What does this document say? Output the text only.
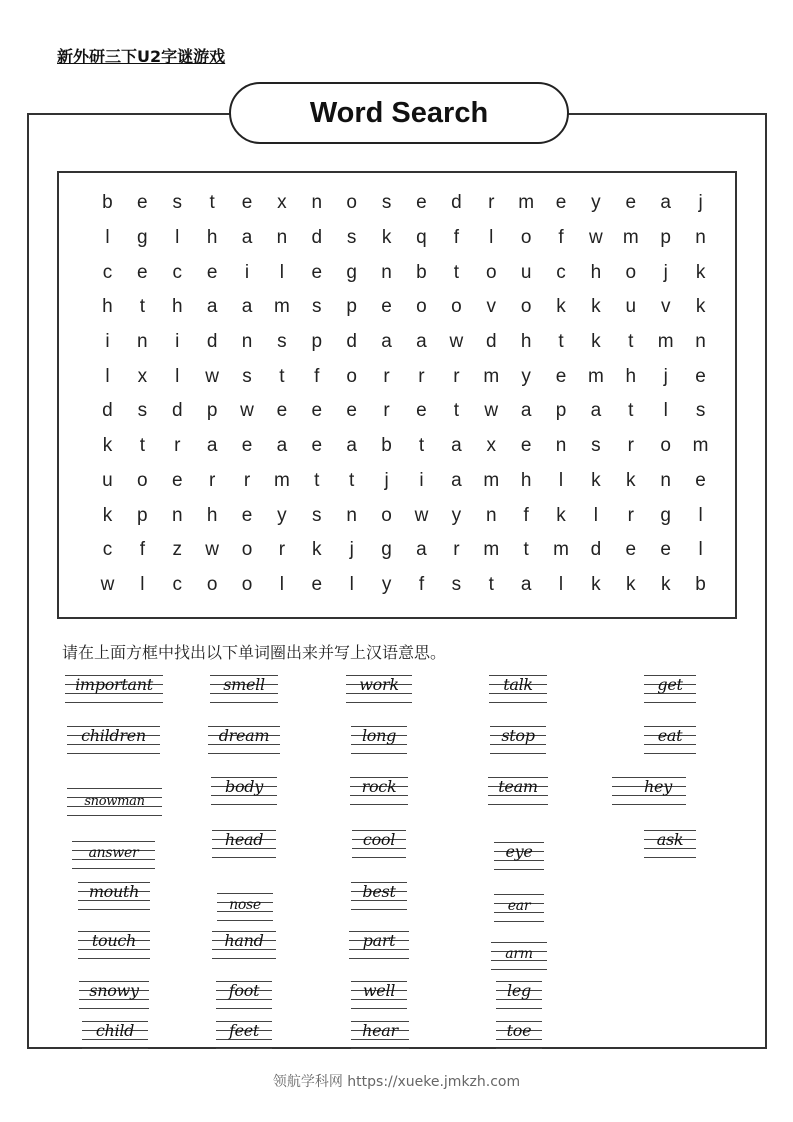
新外研三下U2字谜游戏
Word Search
b	e	s	t	e	x	n	o	s	e	d	r	m	e	y	e	a	j
l	g	l	h	a	n	d	s	k	q	f	l	o	f	w	m	p	n
c	e	c	e	i	l	e	g	n	b	t	o	u	c	h	o	j	k
h	t	h	a	a	m	s	p	e	o	o	v	o	k	k	u	v	k
i	n	i	d	n	s	p	d	a	a	w	d	h	t	k	t	m	n
l	x	l	w	s	t	f	o	r	r	r	m	y	e	m	h	j	e
d	s	d	p	w	e	e	e	r	e	t	w	a	p	a	t	l	s
k	t	r	a	e	a	e	a	b	t	a	x	e	n	s	r	o	m
u	o	e	r	r	m	t	t	j	i	a	m	h	l	k	k	n	e
k	p	n	h	e	y	s	n	o	w	y	n	f	k	l	r	g	l
c	f	z	w	o	r	k	j	g	a	r	m	t	m	d	e	e	l
w	l	c	o	o	l	e	l	y	f	s	t	a	l	k	k	k	b
请在上面方框中找出以下单词圈出来并写上汉语意思。
important
children
snowman
answer
mouth
touch
snowy
child
smell
dream
body
head
nose
hand
foot
feet
work
long
rock
cool
best
part
well
hear
talk
stop
team
eye
ear
arm
leg
toe
get
eat
hey
ask
领航学科网 https://xueke.jmkzh.com
